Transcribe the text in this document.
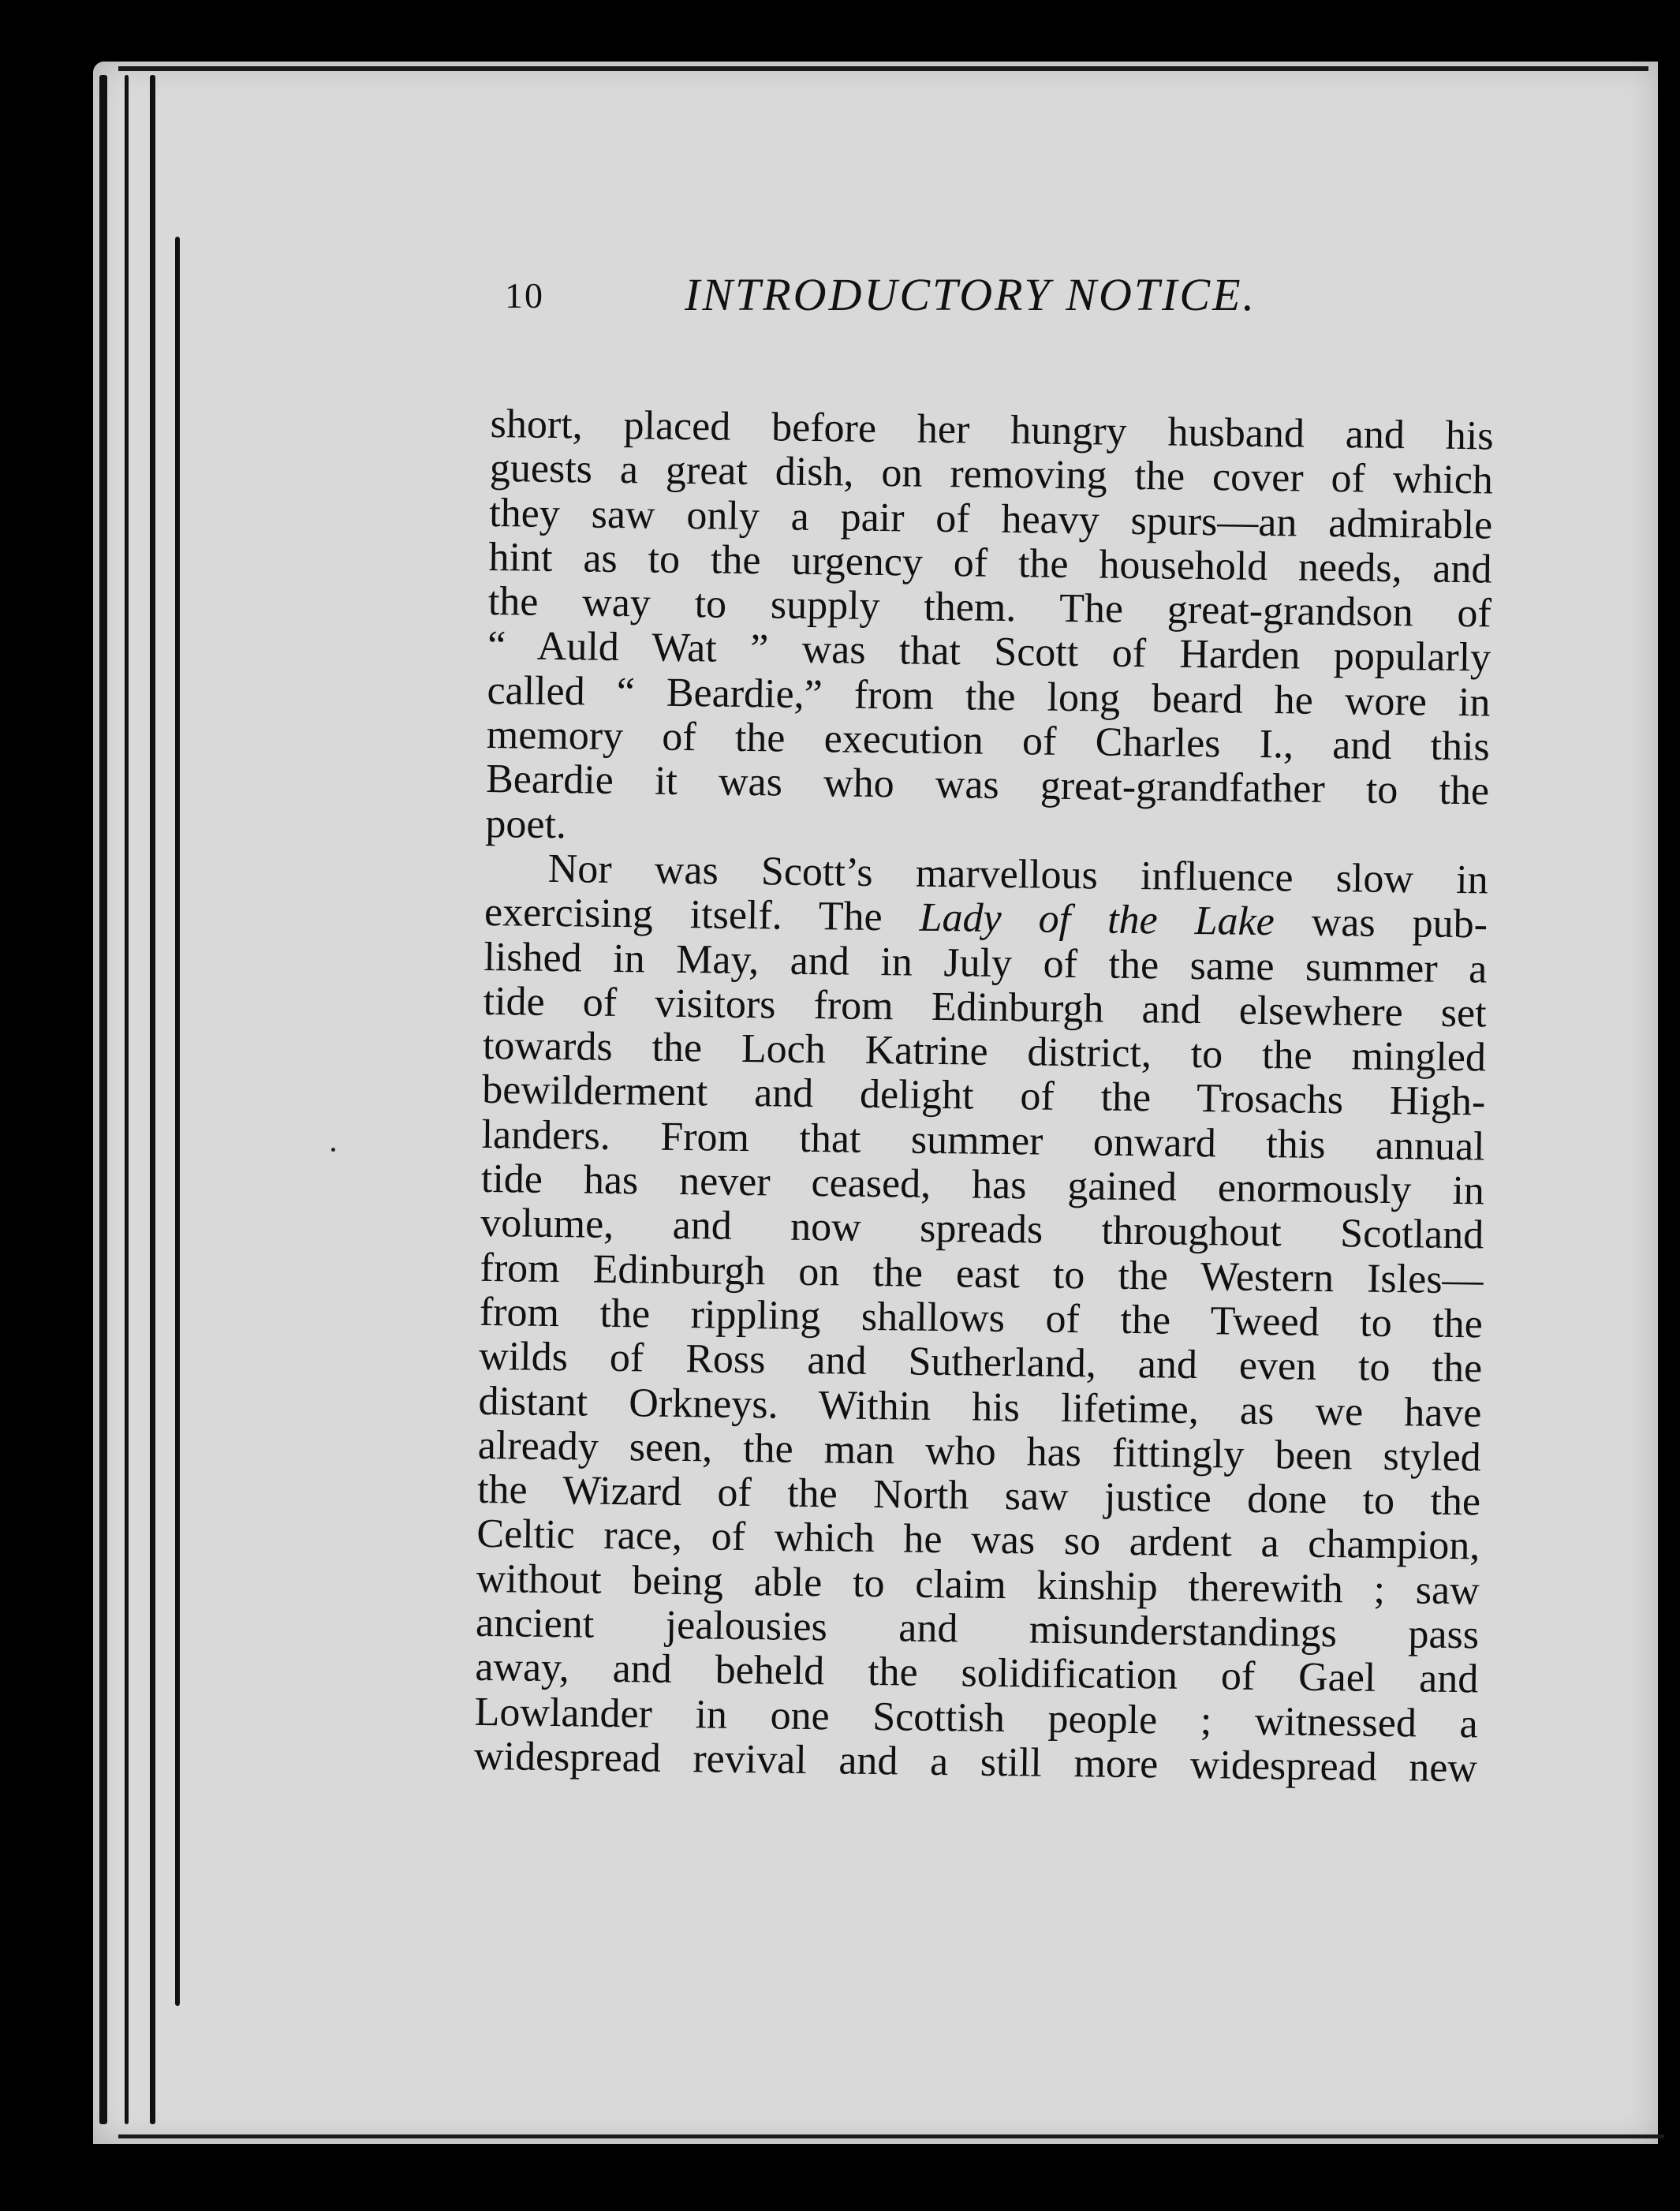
10	INTRODUCTORY NOTICE.
short, placed before her hungry husband and his
guests a great dish, on removing the cover of which
they saw only a pair of heavy spurs—an admirable
hint as to the urgency of the household needs, and
the way to supply them. The great-grandson of
“ Auld Wat ” was that Scott of Harden popularly
called “ Beardie,” from the long beard he wore in
memory of the execution of Charles I., and this
Beardie it was who was great-grandfather to the
poet.
Nor was Scott’s marvellous influence slow in
exercising itself. The Lady of the Lake was pub-
lished in May, and in July of the same summer a
tide of visitors from Edinburgh and elsewhere set
towards the Loch Katrine district, to the mingled
bewilderment and delight of the Trosachs High-
landers. From that summer onward this annual
tide has never ceased, has gained enormously in
volume, and now spreads throughout Scotland
from Edinburgh on the east to the Western Isles—
from the rippling shallows of the Tweed to the
wilds of Ross and Sutherland, and even to the
distant Orkneys. Within his lifetime, as we have
already seen, the man who has fittingly been styled
the Wizard of the North saw justice done to the
Celtic race, of which he was so ardent a champion,
without being able to claim kinship therewith ; saw
ancient jealousies and misunderstandings pass
away, and beheld the solidification of Gael and
Lowlander in one Scottish people ; witnessed a
widespread revival and a still more widespread new
